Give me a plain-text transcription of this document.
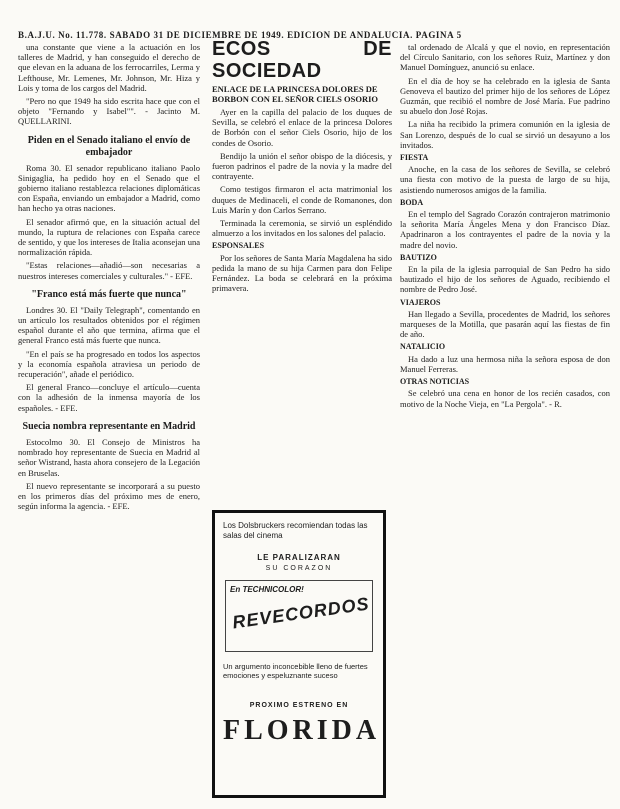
B.A.J.U. No. 11.778. SABADO 31 DE DICIEMBRE DE 1949. EDICION DE ANDALUCIA. PAGINA 5

una constante que viene a la actuación en los talleres de Madrid, y han conseguido el derecho de que elevan en la aduana de los ferrocarriles, Lerma y Lefthouse, Mr. Lemenes, Mr. Johnson, Mr. Hiza y Lois y toma de los cargos del Madrid.

"Pero no que 1949 ha sido escrita hace que con el objeto "Fernando y Isabel"". - Jacinto M. QUELLARINI.

Piden en el Senado italiano el envío de embajador

Roma 30. El senador republicano italiano Paolo Sinigaglia, ha pedido hoy en el Senado que el gobierno italiano restablezca relaciones diplomáticas con España, enviando un embajador a Madrid, como han hecho ya otras naciones.

El senador afirmó que, en la situación actual del mundo, la ruptura de relaciones con España carece de sentido, y que los intereses de Italia aconsejan una normalización rápida.

"Estas relaciones—añadió—son necesarias a nuestros intereses comerciales y culturales." - EFE.

"Franco está más fuerte que nunca"

Londres 30. El "Daily Telegraph", comentando en un artículo los resultados obtenidos por el régimen español durante el año que termina, afirma que el general Franco está más fuerte que nunca.

"En el país se ha progresado en todos los aspectos y la economía española atraviesa un periodo de recuperación", añade el periódico.

El general Franco—concluye el artículo—cuenta con la adhesión de la inmensa mayoría de los españoles. - EFE.

Suecia nombra representante en Madrid

Estocolmo 30. El Consejo de Ministros ha nombrado hoy representante de Suecia en Madrid al señor Wistrand, hasta ahora consejero de la Legación en Bruselas.

El nuevo representante se incorporará a su puesto en los primeros días del próximo mes de enero, según informa la agencia. - EFE.

ECOS DE SOCIEDAD
ENLACE DE LA PRINCESA DOLORES DE BORBON CON EL SEÑOR CIELS OSORIO

Ayer en la capilla del palacio de los duques de Sevilla, se celebró el enlace de la princesa Dolores de Borbón con el señor Ciels Osorio, hijo de los condes de Osorio.

Bendijo la unión el señor obispo de la diócesis, y fueron padrinos el padre de la novia y la madre del contrayente.

Como testigos firmaron el acta matrimonial los duques de Medinaceli, el conde de Romanones, don Luis Marín y don Carlos Serrano.

Terminada la ceremonia, se sirvió un espléndido almuerzo a los invitados en los salones del palacio.

ESPONSALES

Por los señores de Santa María Magdalena ha sido pedida la mano de su hija Carmen para don Felipe Fernández. La boda se celebrará en la próxima primavera.

Los Dolsbruckers recomiendan todas las salas del cinema
LE PARALIZARAN
SU CORAZON
En TECHNICOLOR!
REVECORDOS
Un argumento inconcebible lleno de fuertes emociones y espeluznante suceso
PROXIMO ESTRENO EN
FLORIDA

tal ordenado de Alcalá y que el novio, en representación del Círculo Sanitario, con los señores Ruiz, Martínez y don Manuel Domínguez, anunció su enlace.

En el día de hoy se ha celebrado en la iglesia de Santa Genoveva el bautizo del primer hijo de los señores de López Guzmán, que recibió el nombre de José María. Fue padrino su abuelo don José Rojas.

La niña ha recibido la primera comunión en la iglesia de San Lorenzo, después de lo cual se sirvió un desayuno a los invitados.

FIESTA

Anoche, en la casa de los señores de Sevilla, se celebró una fiesta con motivo de la puesta de largo de su hija, asistiendo numerosos amigos de la familia.

BODA

En el templo del Sagrado Corazón contrajeron matrimonio la señorita María Ángeles Mena y don Francisco Díaz. Apadrinaron a los contrayentes el padre de la novia y la madre del novio.

BAUTIZO

En la pila de la iglesia parroquial de San Pedro ha sido bautizado el hijo de los señores de Aguado, recibiendo el nombre de Pedro José.

VIAJEROS

Han llegado a Sevilla, procedentes de Madrid, los señores marqueses de la Motilla, que pasarán aquí las fiestas de fin de año.

NATALICIO

Ha dado a luz una hermosa niña la señora esposa de don Manuel Ferreras.

OTRAS NOTICIAS

Se celebró una cena en honor de los recién casados, con motivo de la Noche Vieja, en "La Pergola". - R.
